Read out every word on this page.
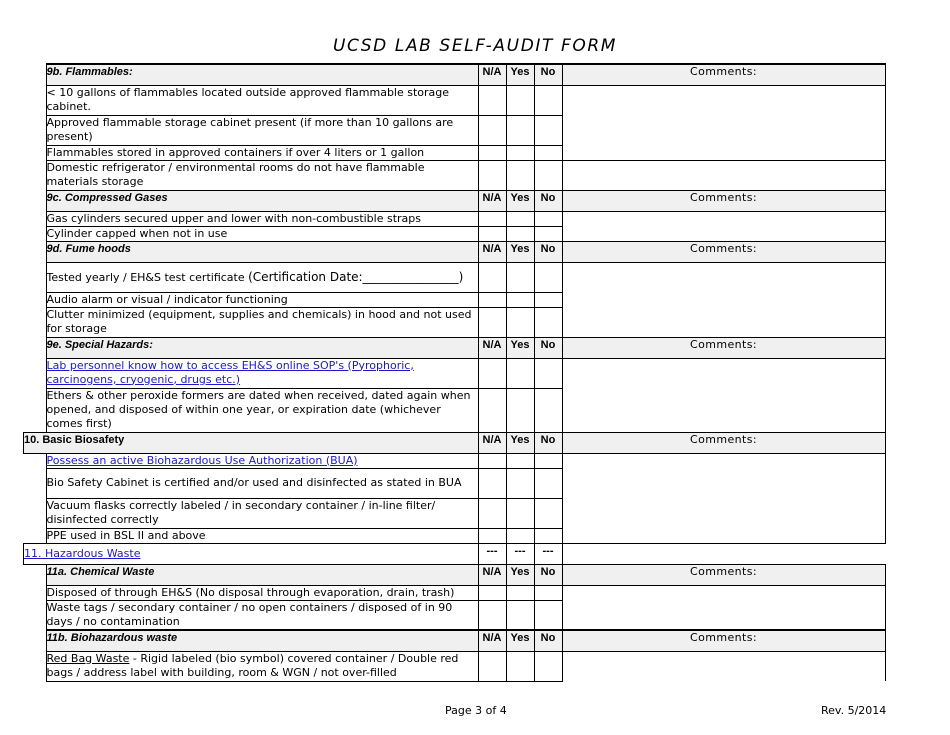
UCSD LAB SELF-AUDIT FORM
	9b. Flammables:	N/A	Yes	No	Comments:
	< 10 gallons of flammables located outside approved flammable storage cabinet.				
	Approved flammable storage cabinet present (if more than 10 gallons are present)				
	Flammables stored in approved containers if over 4 liters or 1 gallon				
	Domestic refrigerator / environmental rooms do not have flammable materials storage				
	9c. Compressed Gases	N/A	Yes	No	Comments:
	Gas cylinders secured upper and lower with non-combustible straps				
	Cylinder capped when not in use				
	9d. Fume hoods	N/A	Yes	No	Comments:
	Tested yearly / EH&S test certificate (Certification Date:________________)				
	Audio alarm or visual / indicator functioning				
	Clutter minimized (equipment, supplies and chemicals) in hood and not used for storage				
	9e. Special Hazards:	N/A	Yes	No	Comments:
	Lab personnel know how to access EH&S online SOP's (Pyrophoric, carcinogens, cryogenic, drugs etc.)				
	Ethers & other peroxide formers are dated when received, dated again when opened, and disposed of within one year, or expiration date (whichever comes first)				
10. Basic Biosafety		N/A	Yes	No	Comments:
	Possess an active Biohazardous Use Authorization (BUA)				
	Bio Safety Cabinet is certified and/or used and disinfected as stated in BUA				
	Vacuum flasks correctly labeled / in secondary container / in-line filter/ disinfected correctly				
	PPE used in BSL II and above				
11. Hazardous Waste		---	---	---	
	11a. Chemical Waste	N/A	Yes	No	Comments:
	Disposed of through EH&S (No disposal through evaporation, drain, trash)				
	Waste tags / secondary container / no open containers / disposed of in 90 days / no contamination				
	11b. Biohazardous waste	N/A	Yes	No	Comments:
	Red Bag Waste - Rigid labeled (bio symbol) covered container / Double red bags / address label with building, room & WGN / not over-filled				
Page 3 of 4	Rev. 5/2014
